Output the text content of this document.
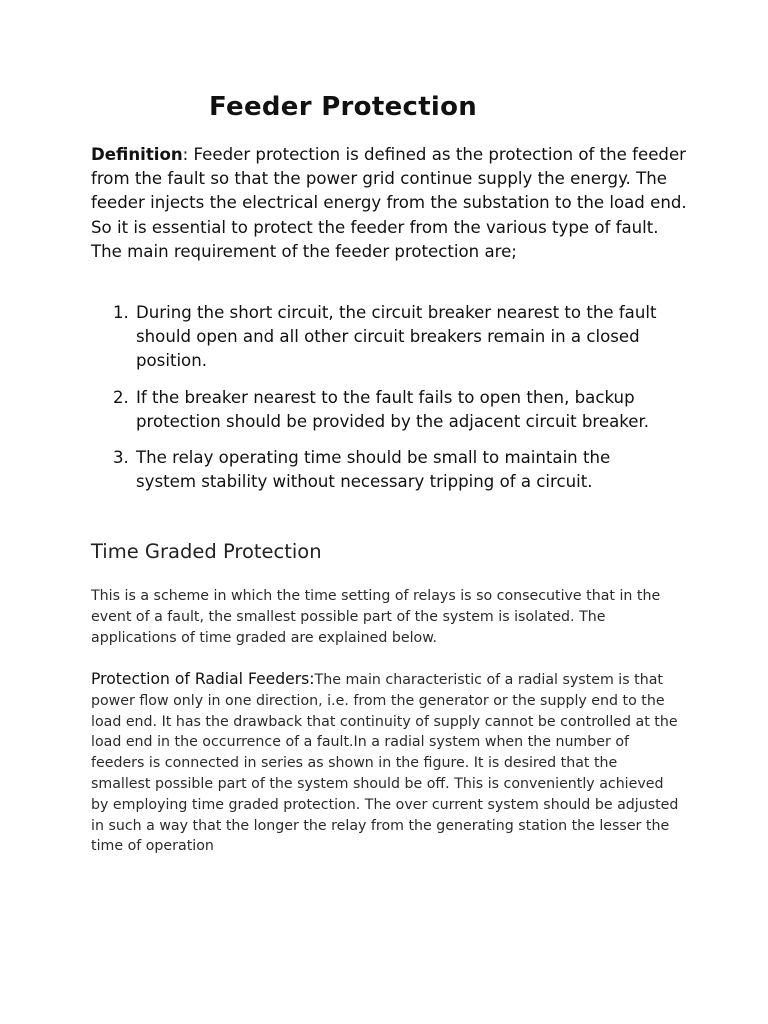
Feeder Protection

Definition: Feeder protection is defined as the protection of the feeder from the fault so that the power grid continue supply the energy. The feeder injects the electrical energy from the substation to the load end. So it is essential to protect the feeder from the various type of fault. The main requirement of the feeder protection are;

1. During the short circuit, the circuit breaker nearest to the fault should open and all other circuit breakers remain in a closed position.
2. If the breaker nearest to the fault fails to open then, backup protection should be provided by the adjacent circuit breaker.
3. The relay operating time should be small to maintain the system stability without necessary tripping of a circuit.
Time Graded Protection

This is a scheme in which the time setting of relays is so consecutive that in the event of a fault, the smallest possible part of the system is isolated. The applications of time graded are explained below.

Protection of Radial Feeders:The main characteristic of a radial system is that power flow only in one direction, i.e. from the generator or the supply end to the load end. It has the drawback that continuity of supply cannot be controlled at the load end in the occurrence of a fault.In a radial system when the number of feeders is connected in series as shown in the figure. It is desired that the smallest possible part of the system should be off. This is conveniently achieved by employing time graded protection. The over current system should be adjusted in such a way that the longer the relay from the generating station the lesser the time of operation
